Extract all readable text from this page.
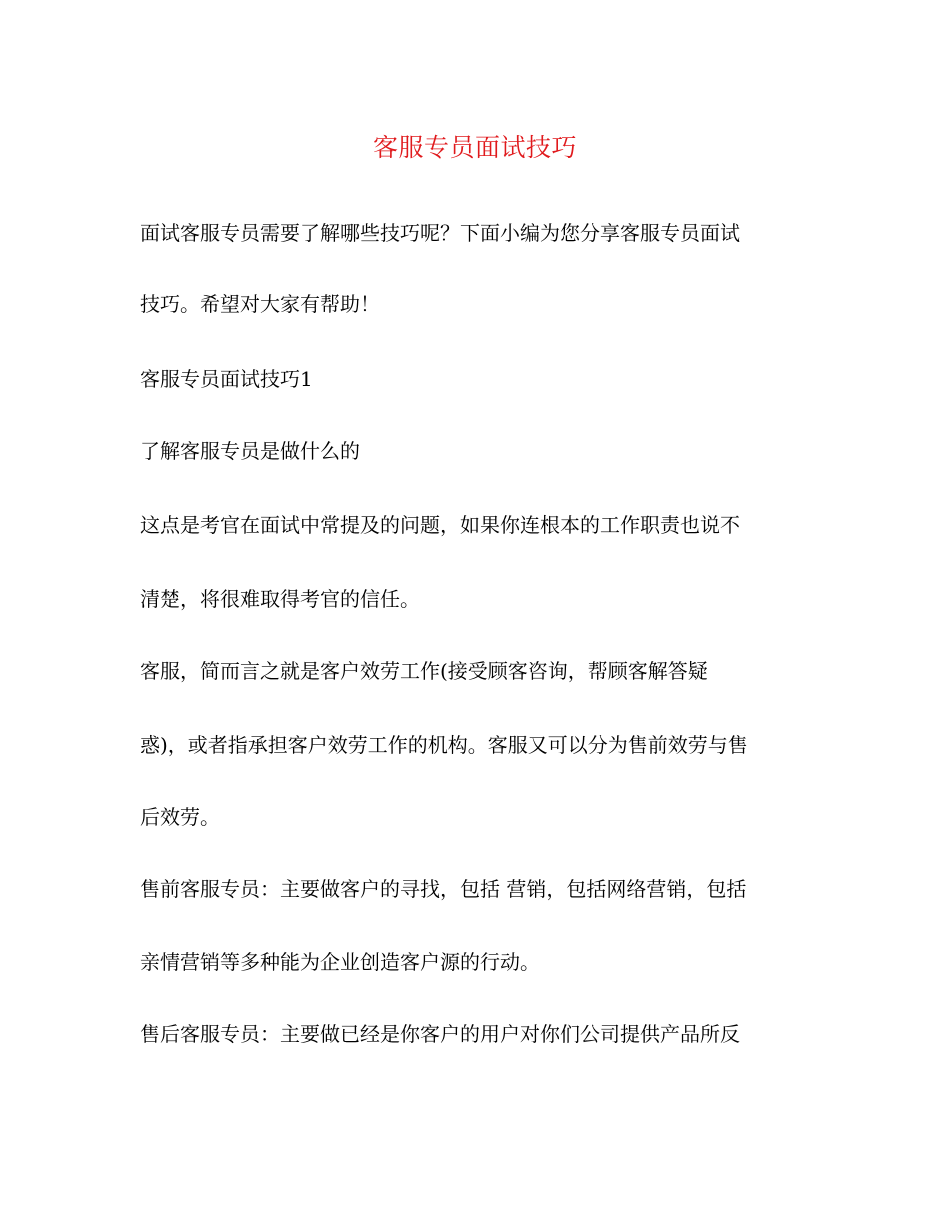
客服专员面试技巧
面试客服专员需要了解哪些技巧呢？下面小编为您分享客服专员面试
技巧。希望对大家有帮助！
客服专员面试技巧1
了解客服专员是做什么的
这点是考官在面试中常提及的问题，如果你连根本的工作职责也说不
清楚，将很难取得考官的信任。
客服，简而言之就是客户效劳工作(接受顾客咨询，帮顾客解答疑
惑)，或者指承担客户效劳工作的机构。客服又可以分为售前效劳与售
后效劳。
售前客服专员：主要做客户的寻找，包括 营销，包括网络营销，包括
亲情营销等多种能为企业创造客户源的行动。
售后客服专员：主要做已经是你客户的用户对你们公司提供产品所反
